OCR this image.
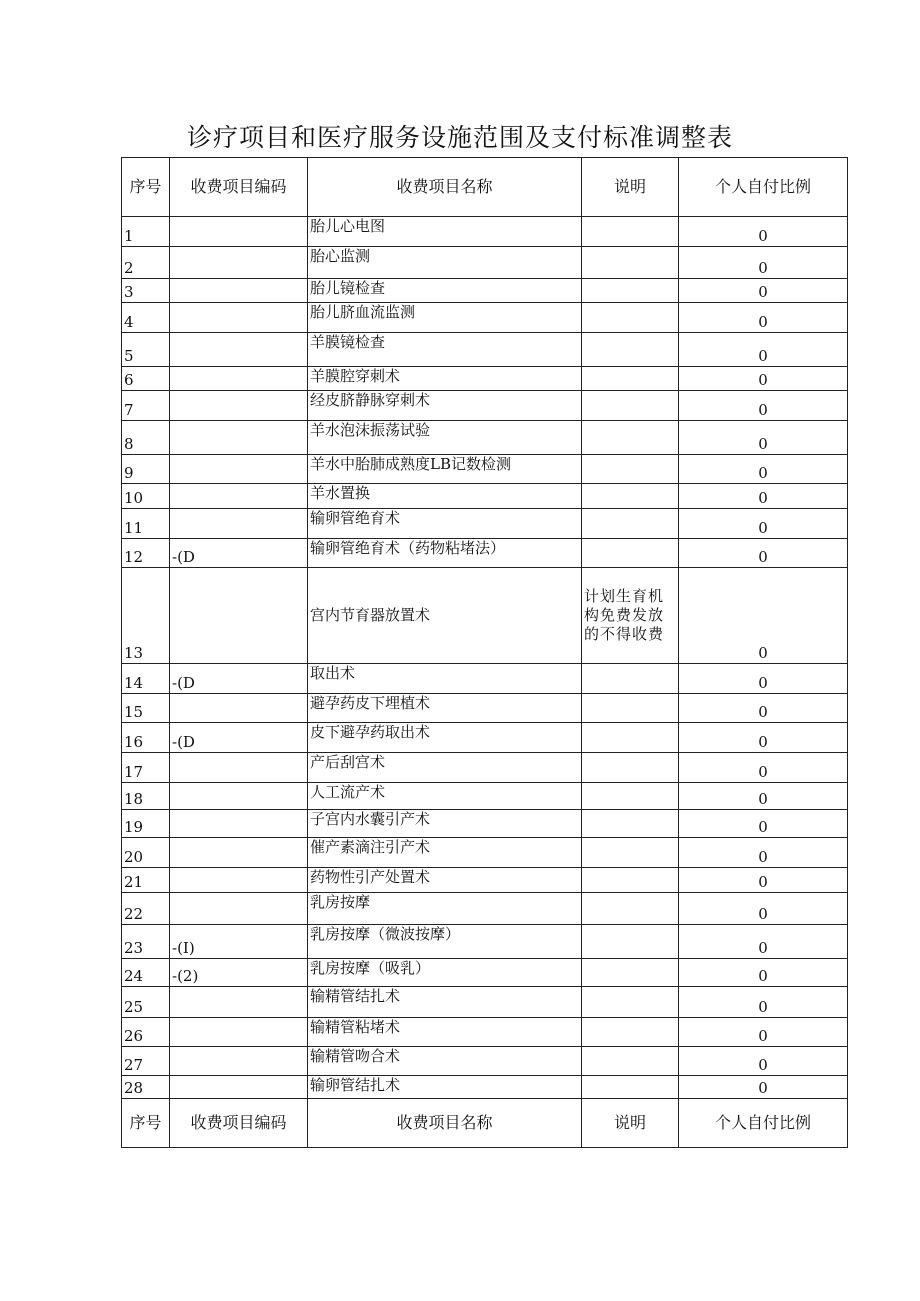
诊疗项目和医疗服务设施范围及支付标准调整表
序号	收费项目编码	收费项目名称	说明	个人自付比例
1		胎儿心电图		0
2		胎心监测		0
3		胎儿镜检查		0
4		胎儿脐血流监测		0
5		羊膜镜检查		0
6		羊膜腔穿刺术		0
7		经皮脐静脉穿刺术		0
8		羊水泡沫振荡试验		0
9		羊水中胎肺成熟度LB记数检测		0
10		羊水置换		0
11		输卵管绝育术		0
12	-(D	输卵管绝育术（药物粘堵法）		0
13		宫内节育器放置术	计划生育机构免费发放的不得收费	0
14	-(D	取出术		0
15		避孕药皮下埋植术		0
16	-(D	皮下避孕药取出术		0
17		产后刮宫术		0
18		人工流产术		0
19		子宫内水囊引产术		0
20		催产素滴注引产术		0
21		药物性引产处置术		0
22		乳房按摩		0
23	-(I)	乳房按摩（微波按摩）		0
24	-(2)	乳房按摩（吸乳）		0
25		输精管结扎术		0
26		输精管粘堵术		0
27		输精管吻合术		0
28		输卵管结扎术		0
序号	收费项目编码	收费项目名称	说明	个人自付比例
